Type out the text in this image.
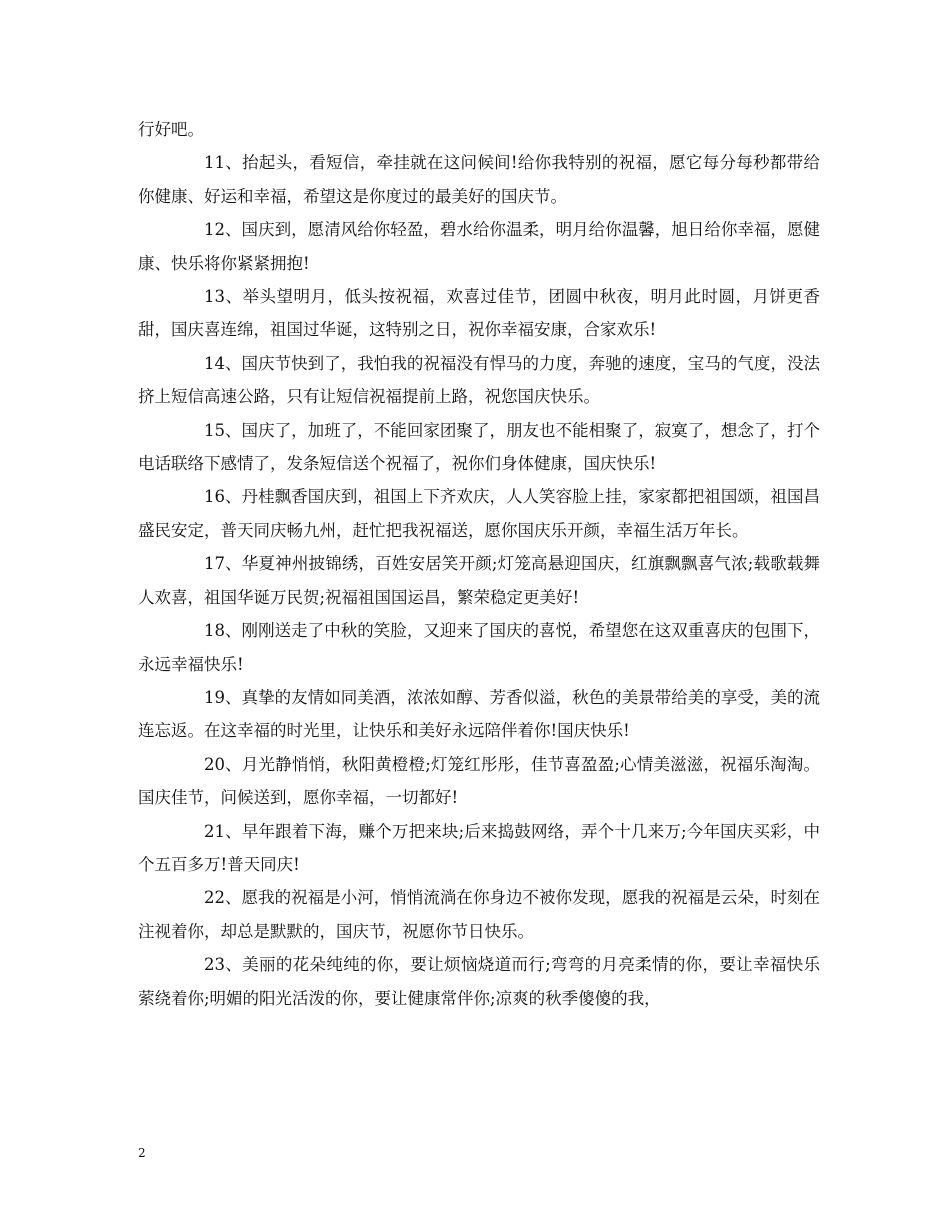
行好吧。

11、抬起头，看短信，牵挂就在这问候间!给你我特别的祝福，愿它每分每秒都带给你健康、好运和幸福，希望这是你度过的最美好的国庆节。

12、国庆到，愿清风给你轻盈，碧水给你温柔，明月给你温馨，旭日给你幸福，愿健康、快乐将你紧紧拥抱!

13、举头望明月，低头按祝福，欢喜过佳节，团圆中秋夜，明月此时圆，月饼更香甜，国庆喜连绵，祖国过华诞，这特别之日，祝你幸福安康，合家欢乐!

14、国庆节快到了，我怕我的祝福没有悍马的力度，奔驰的速度，宝马的气度，没法挤上短信高速公路，只有让短信祝福提前上路，祝您国庆快乐。

15、国庆了，加班了，不能回家团聚了，朋友也不能相聚了，寂寞了，想念了，打个电话联络下感情了，发条短信送个祝福了，祝你们身体健康，国庆快乐!

16、丹桂飘香国庆到，祖国上下齐欢庆，人人笑容脸上挂，家家都把祖国颂，祖国昌盛民安定，普天同庆畅九州，赶忙把我祝福送，愿你国庆乐开颜，幸福生活万年长。

17、华夏神州披锦绣，百姓安居笑开颜;灯笼高悬迎国庆，红旗飘飘喜气浓;载歌载舞人欢喜，祖国华诞万民贺;祝福祖国国运昌，繁荣稳定更美好!

18、刚刚送走了中秋的笑脸，又迎来了国庆的喜悦，希望您在这双重喜庆的包围下，永远幸福快乐!

19、真挚的友情如同美酒，浓浓如醇、芳香似溢，秋色的美景带给美的享受，美的流连忘返。在这幸福的时光里，让快乐和美好永远陪伴着你!国庆快乐!

20、月光静悄悄，秋阳黄橙橙;灯笼红彤彤，佳节喜盈盈;心情美滋滋，祝福乐淘淘。国庆佳节，问候送到，愿你幸福，一切都好!

21、早年跟着下海，赚个万把来块;后来捣鼓网络，弄个十几来万;今年国庆买彩，中个五百多万!普天同庆!

22、愿我的祝福是小河，悄悄流淌在你身边不被你发现，愿我的祝福是云朵，时刻在注视着你，却总是默默的，国庆节，祝愿你节日快乐。

23、美丽的花朵纯纯的你，要让烦恼烧道而行;弯弯的月亮柔情的你，要让幸福快乐萦绕着你;明媚的阳光活泼的你，要让健康常伴你;凉爽的秋季傻傻的我，

2
